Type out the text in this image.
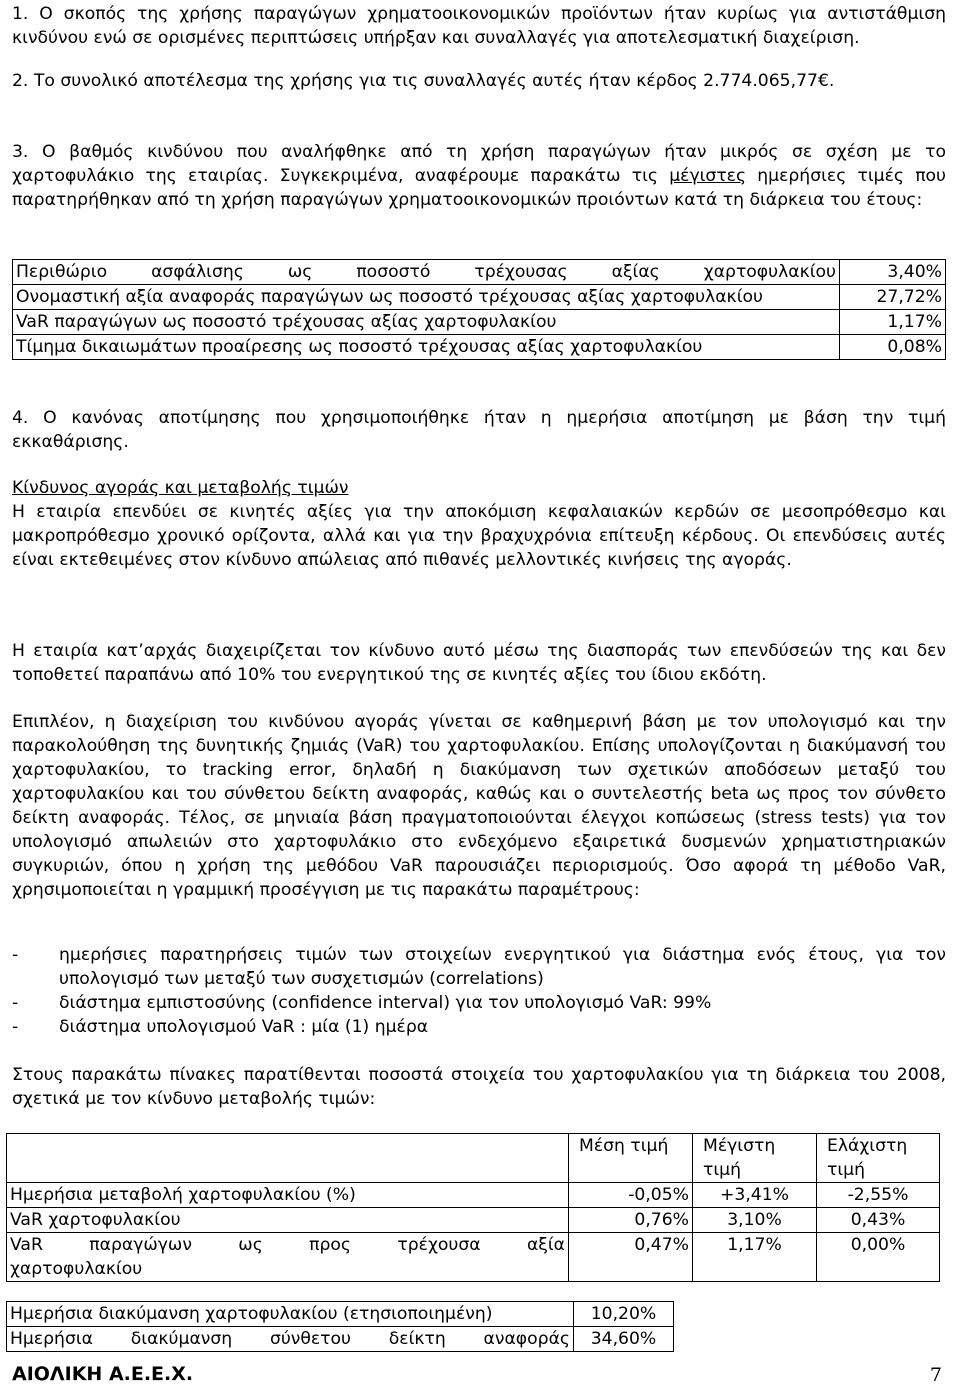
1. Ο σκοπός της χρήσης παραγώγων χρηματοοικονομικών προϊόντων ήταν κυρίως για αντιστάθμιση κινδύνου ενώ σε ορισμένες περιπτώσεις υπήρξαν και συναλλαγές για αποτελεσματική διαχείριση.

2. Το συνολικό αποτέλεσμα της χρήσης για τις συναλλαγές αυτές ήταν κέρδος 2.774.065,77€.

3. Ο βαθμός κινδύνου που αναλήφθηκε από τη χρήση παραγώγων ήταν μικρός σε σχέση με το χαρτοφυλάκιο της εταιρίας. Συγκεκριμένα, αναφέρουμε παρακάτω τις μέγιστες ημερήσιες τιμές που παρατηρήθηκαν από τη χρήση παραγώγων χρηματοοικονομικών προιόντων κατά τη διάρκεια του έτους:

Περιθώριο ασφάλισης ως ποσοστό τρέχουσας αξίας χαρτοφυλακίου	3,40%
Ονομαστική αξία αναφοράς παραγώγων ως ποσοστό τρέχουσας αξίας χαρτοφυλακίου	27,72%
VaR παραγώγων ως ποσοστό τρέχουσας αξίας χαρτοφυλακίου	1,17%
Τίμημα δικαιωμάτων προαίρεσης ως ποσοστό τρέχουσας αξίας χαρτοφυλακίου	0,08%

4. Ο κανόνας αποτίμησης που χρησιμοποιήθηκε ήταν η ημερήσια αποτίμηση με βάση την τιμή εκκαθάρισης.

Κίνδυνος αγοράς και μεταβολής τιμών

Η εταιρία επενδύει σε κινητές αξίες για την αποκόμιση κεφαλαιακών κερδών σε μεσοπρόθεσμο και μακροπρόθεσμο χρονικό ορίζοντα, αλλά και για την βραχυχρόνια επίτευξη κέρδους. Οι επενδύσεις αυτές είναι εκτεθειμένες στον κίνδυνο απώλειας από πιθανές μελλοντικές κινήσεις της αγοράς.

Η εταιρία κατ’αρχάς διαχειρίζεται τον κίνδυνο αυτό μέσω της διασποράς των επενδύσεών της και δεν τοποθετεί παραπάνω από 10% του ενεργητικού της σε κινητές αξίες του ίδιου εκδότη.

Επιπλέον, η διαχείριση του κινδύνου αγοράς γίνεται σε καθημερινή βάση με τον υπολογισμό και την παρακολούθηση της δυνητικής ζημιάς (VaR) του χαρτοφυλακίου. Επίσης υπολογίζονται η διακύμανσή του χαρτοφυλακίου, το tracking error, δηλαδή η διακύμανση των σχετικών αποδόσεων μεταξύ του χαρτοφυλακίου και του σύνθετου δείκτη αναφοράς, καθώς και ο συντελεστής beta ως προς τον σύνθετο δείκτη αναφοράς. Τέλος, σε μηνιαία βάση πραγματοποιούνται έλεγχοι κοπώσεως (stress tests) για τον υπολογισμό απωλειών στο χαρτοφυλάκιο στο ενδεχόμενο εξαιρετικά δυσμενών χρηματιστηριακών συγκυριών, όπου η χρήση της μεθόδου VaR παρουσιάζει περιορισμούς. Όσο αφορά τη μέθοδο VaR, χρησιμοποιείται η γραμμική προσέγγιση με τις παρακάτω παραμέτρους:

-	ημερήσιες παρατηρήσεις τιμών των στοιχείων ενεργητικού για διάστημα ενός έτους, για τον υπολογισμό των μεταξύ των συσχετισμών (correlations)

-	διάστημα εμπιστοσύνης (confidence interval) για τον υπολογισμό VaR: 99%

-	διάστημα υπολογισμού VaR : μία (1) ημέρα

Στους παρακάτω πίνακες παρατίθενται ποσοστά στοιχεία του χαρτοφυλακίου για τη διάρκεια του 2008, σχετικά με τον κίνδυνο μεταβολής τιμών:

	Μέση τιμή	Μέγιστη τιμή	Ελάχιστη τιμή
Ημερήσια μεταβολή χαρτοφυλακίου (%)	-0,05%	+3,41%	-2,55%
VaR χαρτοφυλακίου	0,76%	3,10%	0,43%

VaR παραγώγων ως προς τρέχουσα αξία
χαρτοφυλακίου	0,47%	1,17%	0,00%
Ημερήσια διακύμανση χαρτοφυλακίου (ετησιοποιημένη)	10,20%
Ημερήσια διακύμανση σύνθετου δείκτη αναφοράς	34,60%
ΑΙΟΛΙΚΗ Α.Ε.Ε.Χ.	7
